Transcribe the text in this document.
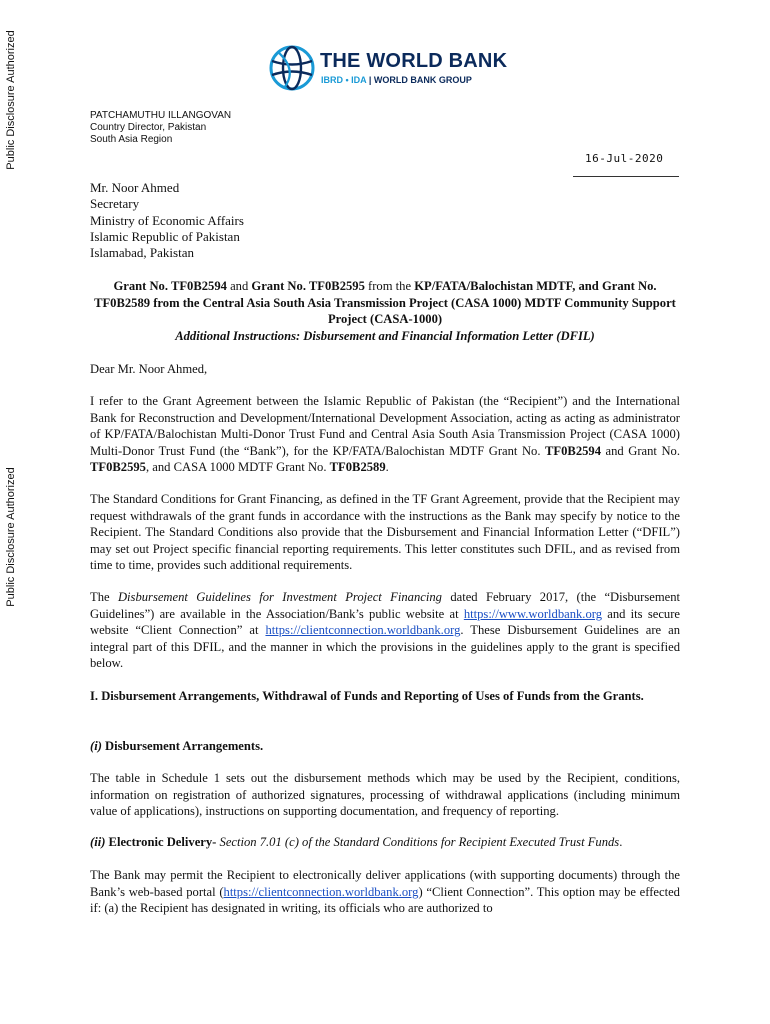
Public Disclosure Authorized
Public Disclosure Authorized
THE WORLD BANK
IBRD • IDA | WORLD BANK GROUP
PATCHAMUTHU ILLANGOVAN
Country Director, Pakistan
South Asia Region
16-Jul-2020
Mr. Noor Ahmed
Secretary
Ministry of Economic Affairs
Islamic Republic of Pakistan
Islamabad, Pakistan
Grant No. TF0B2594 and Grant No. TF0B2595 from the KP/FATA/Balochistan MDTF, and Grant No. TF0B2589 from the Central Asia South Asia Transmission Project (CASA 1000) MDTF Community Support Project (CASA-1000)
Additional Instructions: Disbursement and Financial Information Letter (DFIL)
Dear Mr. Noor Ahmed,
I refer to the Grant Agreement between the Islamic Republic of Pakistan (the “Recipient”) and the International Bank for Reconstruction and Development/International Development Association, acting as acting as administrator of KP/FATA/Balochistan Multi-Donor Trust Fund and Central Asia South Asia Transmission Project (CASA 1000) Multi-Donor Trust Fund (the “Bank”), for the KP/FATA/Balochistan MDTF Grant No. TF0B2594 and Grant No. TF0B2595, and CASA 1000 MDTF Grant No. TF0B2589.
The Standard Conditions for Grant Financing, as defined in the TF Grant Agreement, provide that the Recipient may request withdrawals of the grant funds in accordance with the instructions as the Bank may specify by notice to the Recipient. The Standard Conditions also provide that the Disbursement and Financial Information Letter (“DFIL”) may set out Project specific financial reporting requirements. This letter constitutes such DFIL, and as revised from time to time, provides such additional requirements.
The Disbursement Guidelines for Investment Project Financing dated February 2017, (the “Disbursement Guidelines”) are available in the Association/Bank’s public website at https://www.worldbank.org and its secure website “Client Connection” at https://clientconnection.worldbank.org. These Disbursement Guidelines are an integral part of this DFIL, and the manner in which the provisions in the guidelines apply to the grant is specified below.
I. Disbursement Arrangements, Withdrawal of Funds and Reporting of Uses of Funds from the Grants.
(i) Disbursement Arrangements.
The table in Schedule 1 sets out the disbursement methods which may be used by the Recipient, conditions, information on registration of authorized signatures, processing of withdrawal applications (including minimum value of applications), instructions on supporting documentation, and frequency of reporting.
(ii) Electronic Delivery- Section 7.01 (c) of the Standard Conditions for Recipient Executed Trust Funds.
The Bank may permit the Recipient to electronically deliver applications (with supporting documents) through the Bank’s web-based portal (https://clientconnection.worldbank.org) “Client Connection”. This option may be effected if: (a) the Recipient has designated in writing, its officials who are authorized to
